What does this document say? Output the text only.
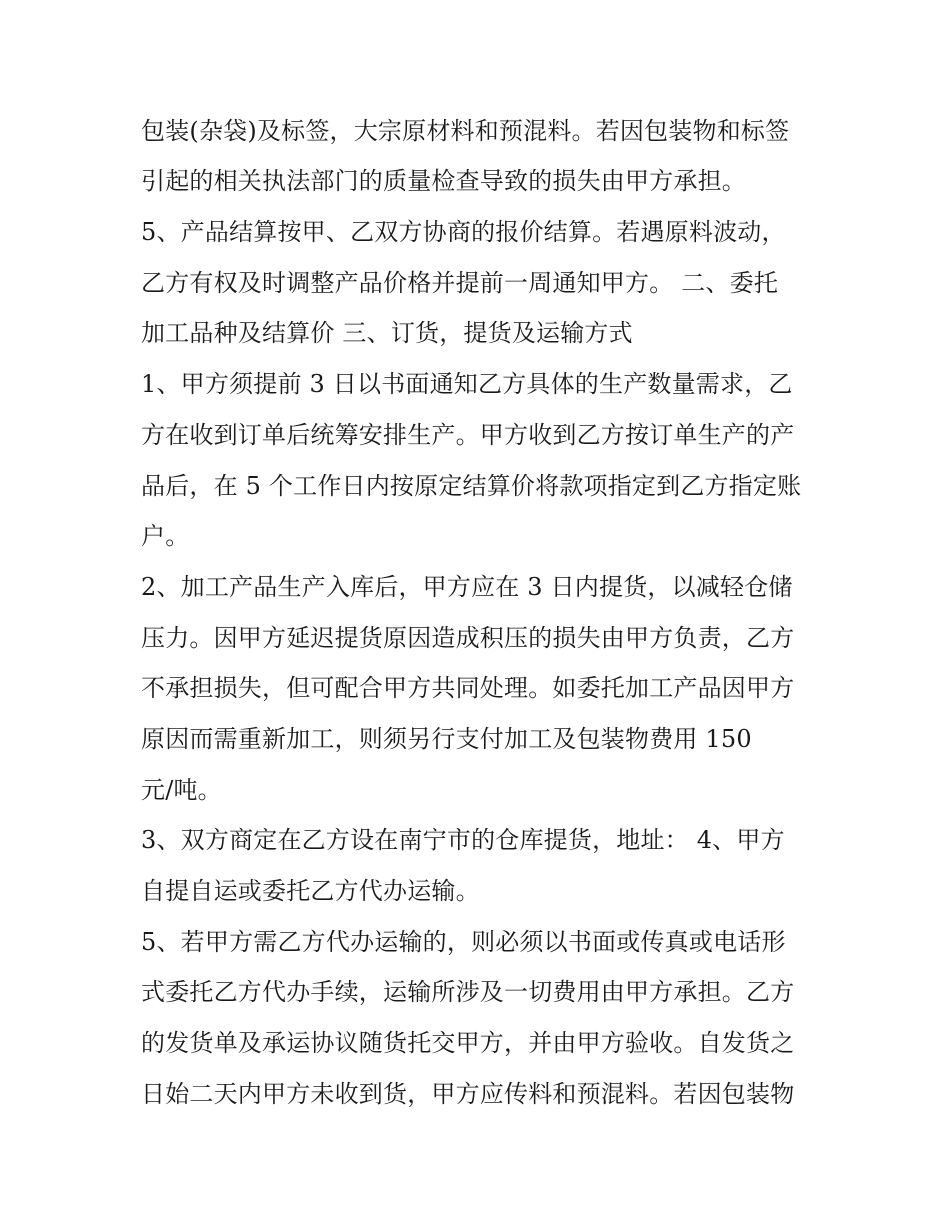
包装(杂袋)及标签，大宗原材料和预混料。若因包装物和标签
引起的相关执法部门的质量检查导致的损失由甲方承担。
5、产品结算按甲、乙双方协商的报价结算。若遇原料波动，
乙方有权及时调整产品价格并提前一周通知甲方。 二、委托
加工品种及结算价 三、订货，提货及运输方式
1、甲方须提前 3 日以书面通知乙方具体的生产数量需求，乙
方在收到订单后统筹安排生产。甲方收到乙方按订单生产的产
品后，在 5 个工作日内按原定结算价将款项指定到乙方指定账
户。
2、加工产品生产入库后，甲方应在 3 日内提货，以减轻仓储
压力。因甲方延迟提货原因造成积压的损失由甲方负责，乙方
不承担损失，但可配合甲方共同处理。如委托加工产品因甲方
原因而需重新加工，则须另行支付加工及包装物费用 150
元/吨。
3、双方商定在乙方设在南宁市的仓库提货，地址： 4、甲方
自提自运或委托乙方代办运输。
5、若甲方需乙方代办运输的，则必须以书面或传真或电话形
式委托乙方代办手续，运输所涉及一切费用由甲方承担。乙方
的发货单及承运协议随货托交甲方，并由甲方验收。自发货之
日始二天内甲方未收到货，甲方应传料和预混料。若因包装物
